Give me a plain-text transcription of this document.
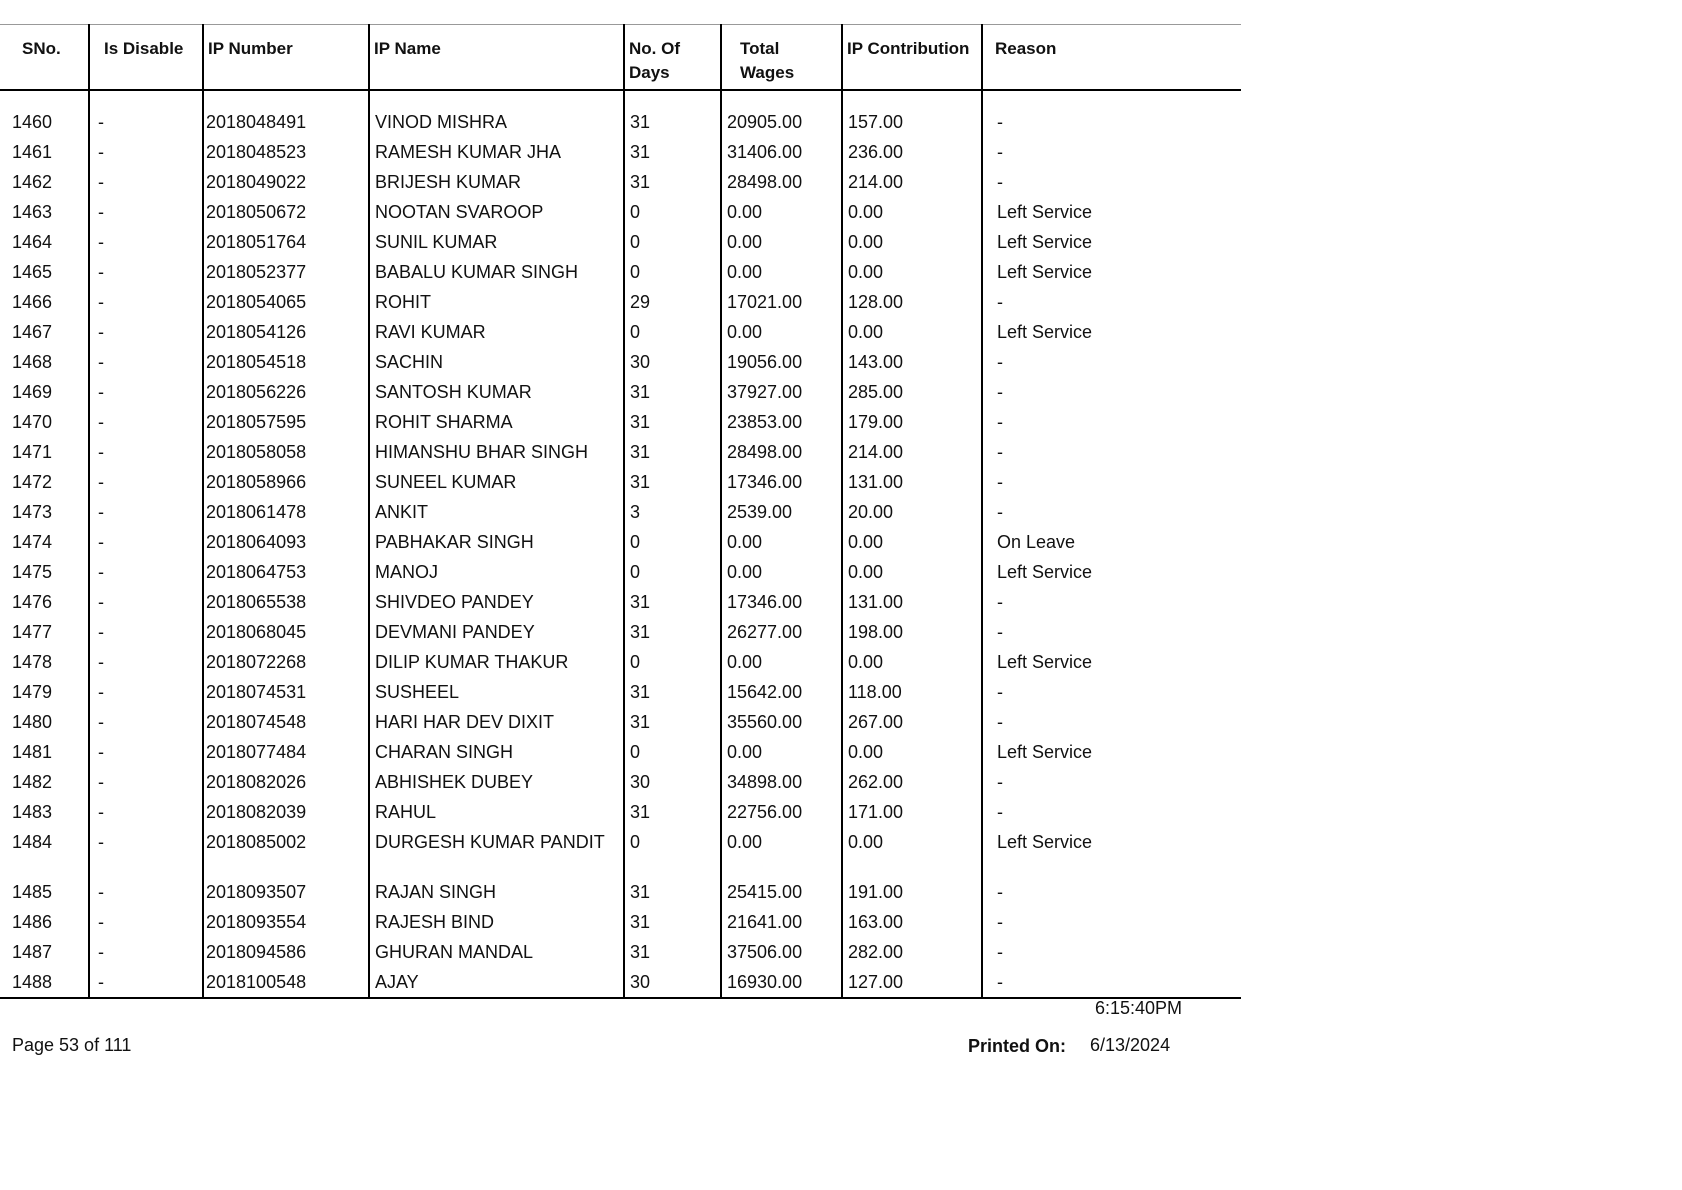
SNo.	Is Disable	IP Number	IP Name	No. Of Days	Total Wages	IP Contribution	Reason

1460	-	2018048491	VINOD MISHRA	31	20905.00	157.00	-
1461	-	2018048523	RAMESH KUMAR JHA	31	31406.00	236.00	-
1462	-	2018049022	BRIJESH KUMAR	31	28498.00	214.00	-
1463	-	2018050672	NOOTAN SVAROOP	0	0.00	0.00	Left Service
1464	-	2018051764	SUNIL KUMAR	0	0.00	0.00	Left Service
1465	-	2018052377	BABALU KUMAR SINGH	0	0.00	0.00	Left Service
1466	-	2018054065	ROHIT	29	17021.00	128.00	-
1467	-	2018054126	RAVI KUMAR	0	0.00	0.00	Left Service
1468	-	2018054518	SACHIN	30	19056.00	143.00	-
1469	-	2018056226	SANTOSH KUMAR	31	37927.00	285.00	-
1470	-	2018057595	ROHIT SHARMA	31	23853.00	179.00	-
1471	-	2018058058	HIMANSHU BHAR SINGH	31	28498.00	214.00	-
1472	-	2018058966	SUNEEL KUMAR	31	17346.00	131.00	-
1473	-	2018061478	ANKIT	3	2539.00	20.00	-
1474	-	2018064093	PABHAKAR SINGH	0	0.00	0.00	On Leave
1475	-	2018064753	MANOJ	0	0.00	0.00	Left Service
1476	-	2018065538	SHIVDEO PANDEY	31	17346.00	131.00	-
1477	-	2018068045	DEVMANI PANDEY	31	26277.00	198.00	-
1478	-	2018072268	DILIP KUMAR THAKUR	0	0.00	0.00	Left Service
1479	-	2018074531	SUSHEEL	31	15642.00	118.00	-
1480	-	2018074548	HARI HAR DEV DIXIT	31	35560.00	267.00	-
1481	-	2018077484	CHARAN SINGH	0	0.00	0.00	Left Service
1482	-	2018082026	ABHISHEK DUBEY	30	34898.00	262.00	-
1483	-	2018082039	RAHUL	31	22756.00	171.00	-
1484	-	2018085002	DURGESH KUMAR PANDIT	0	0.00	0.00	Left Service
1485	-	2018093507	RAJAN SINGH	31	25415.00	191.00	-
1486	-	2018093554	RAJESH BIND	31	21641.00	163.00	-
1487	-	2018094586	GHURAN MANDAL	31	37506.00	282.00	-
1488	-	2018100548	AJAY	30	16930.00	127.00	-
6:15:40PM
Page 53 of 111	Printed On: 6/13/2024
